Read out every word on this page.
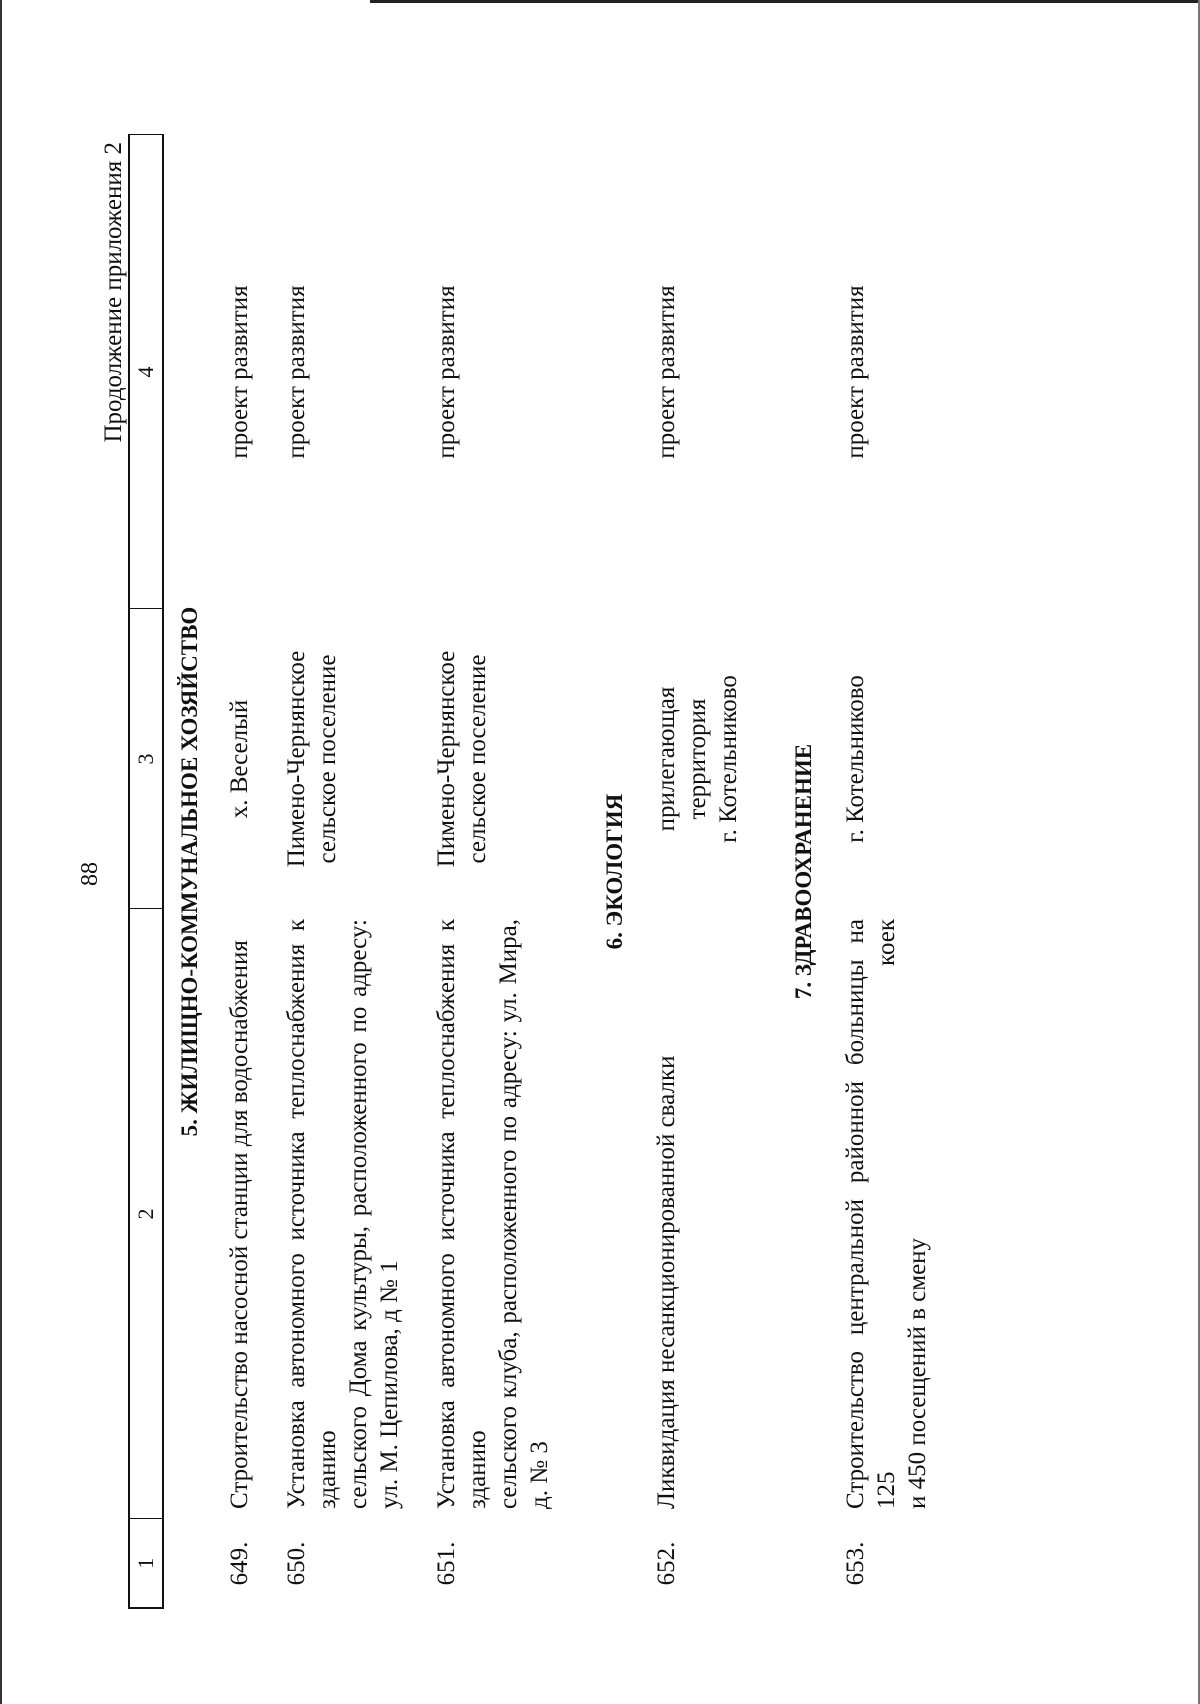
88
Продолжение приложения 2
1	2	3	4
5. ЖИЛИЩНО-КОММУНАЛЬНОЕ ХОЗЯЙСТВО			
649.	Строительство насосной станции для водоснабжения	х. Веселый	проект развития
650.	Установка автономного источника теплоснабжения к зданию сельского Дома культуры, расположенного по адресу: ул. М. Цепилова, д № 1	Пимено-Чернянское сельское поселение	проект развития
651.	Установка автономного источника теплоснабжения к зданию сельского клуба, расположенного по адресу: ул. Мира, д. № 3	Пимено-Чернянское сельское поселение	проект развития
6. ЭКОЛОГИЯ			
652.	Ликвидация несанкционированной свалки	прилегающая территория г. Котельниково	проект развития
7. ЗДРАВООХРАНЕНИЕ			
653.	Строительство центральной районной больницы на 125 коек и 450 посещений в смену	г. Котельниково	проект развития
